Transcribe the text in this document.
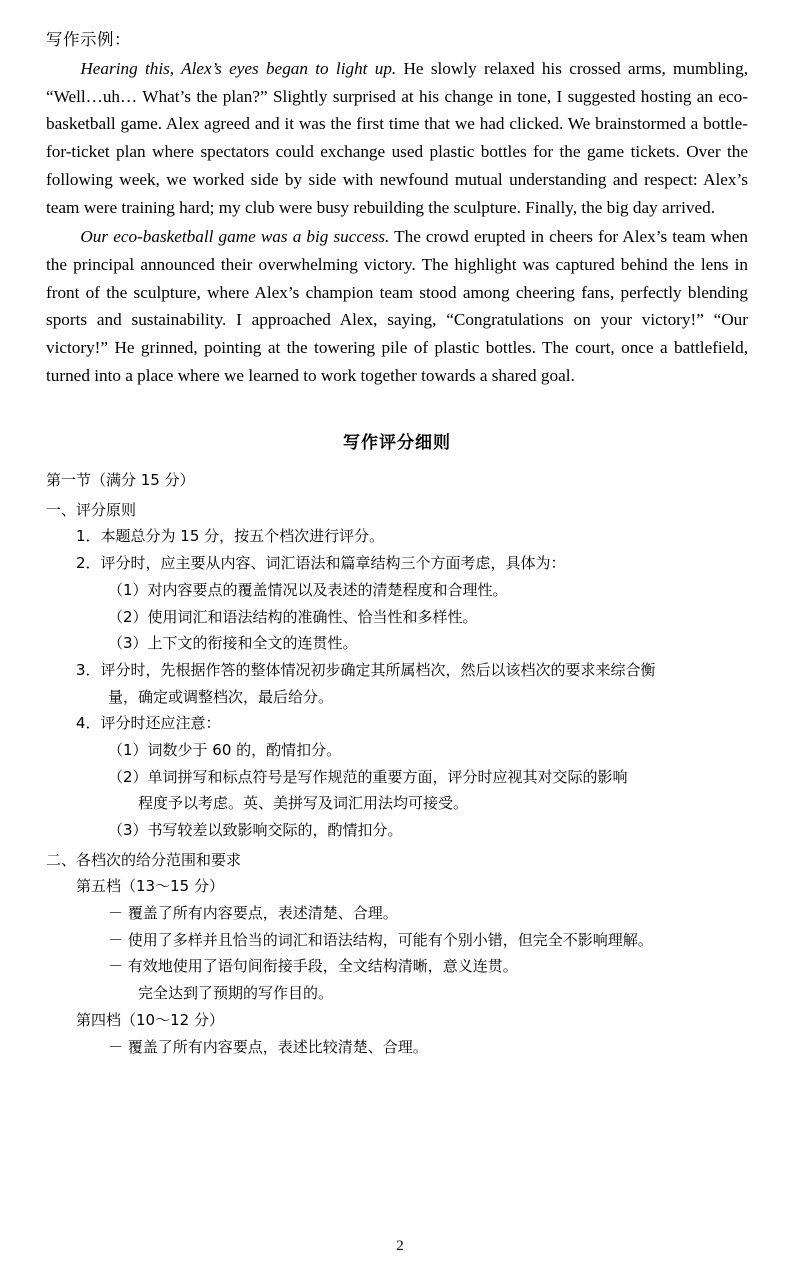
写作示例：

Hearing this, Alex’s eyes began to light up. He slowly relaxed his crossed arms, mumbling, “Well…uh… What’s the plan?” Slightly surprised at his change in tone, I suggested hosting an eco-basketball game. Alex agreed and it was the first time that we had clicked. We brainstormed a bottle-for-ticket plan where spectators could exchange used plastic bottles for the game tickets. Over the following week, we worked side by side with newfound mutual understanding and respect: Alex’s team were training hard; my club were busy rebuilding the sculpture. Finally, the big day arrived.

Our eco-basketball game was a big success. The crowd erupted in cheers for Alex’s team when the principal announced their overwhelming victory. The highlight was captured behind the lens in front of the sculpture, where Alex’s champion team stood among cheering fans, perfectly blending sports and sustainability. I approached Alex, saying, “Congratulations on your victory!” “Our victory!” He grinned, pointing at the towering pile of plastic bottles. The court, once a battlefield, turned into a place where we learned to work together towards a shared goal.

写作评分细则
第一节（满分 15 分）
一、评分原则
1．本题总分为 15 分，按五个档次进行评分。
2．评分时，应主要从内容、词汇语法和篇章结构三个方面考虑，具体为：
（1）对内容要点的覆盖情况以及表述的清楚程度和合理性。
（2）使用词汇和语法结构的准确性、恰当性和多样性。
（3）上下文的衔接和全文的连贯性。
3．评分时，先根据作答的整体情况初步确定其所属档次，然后以该档次的要求来综合衡
量，确定或调整档次，最后给分。
4．评分时还应注意：
（1）词数少于 60 的，酌情扣分。
（2）单词拼写和标点符号是写作规范的重要方面，评分时应视其对交际的影响
程度予以考虑。英、美拼写及词汇用法均可接受。
（3）书写较差以致影响交际的，酌情扣分。
二、各档次的给分范围和要求
第五档（13～15 分）
－ 覆盖了所有内容要点，表述清楚、合理。
－ 使用了多样并且恰当的词汇和语法结构，可能有个别小错，但完全不影响理解。
－ 有效地使用了语句间衔接手段，全文结构清晰，意义连贯。
完全达到了预期的写作目的。
第四档（10～12 分）
－ 覆盖了所有内容要点，表述比较清楚、合理。
2
